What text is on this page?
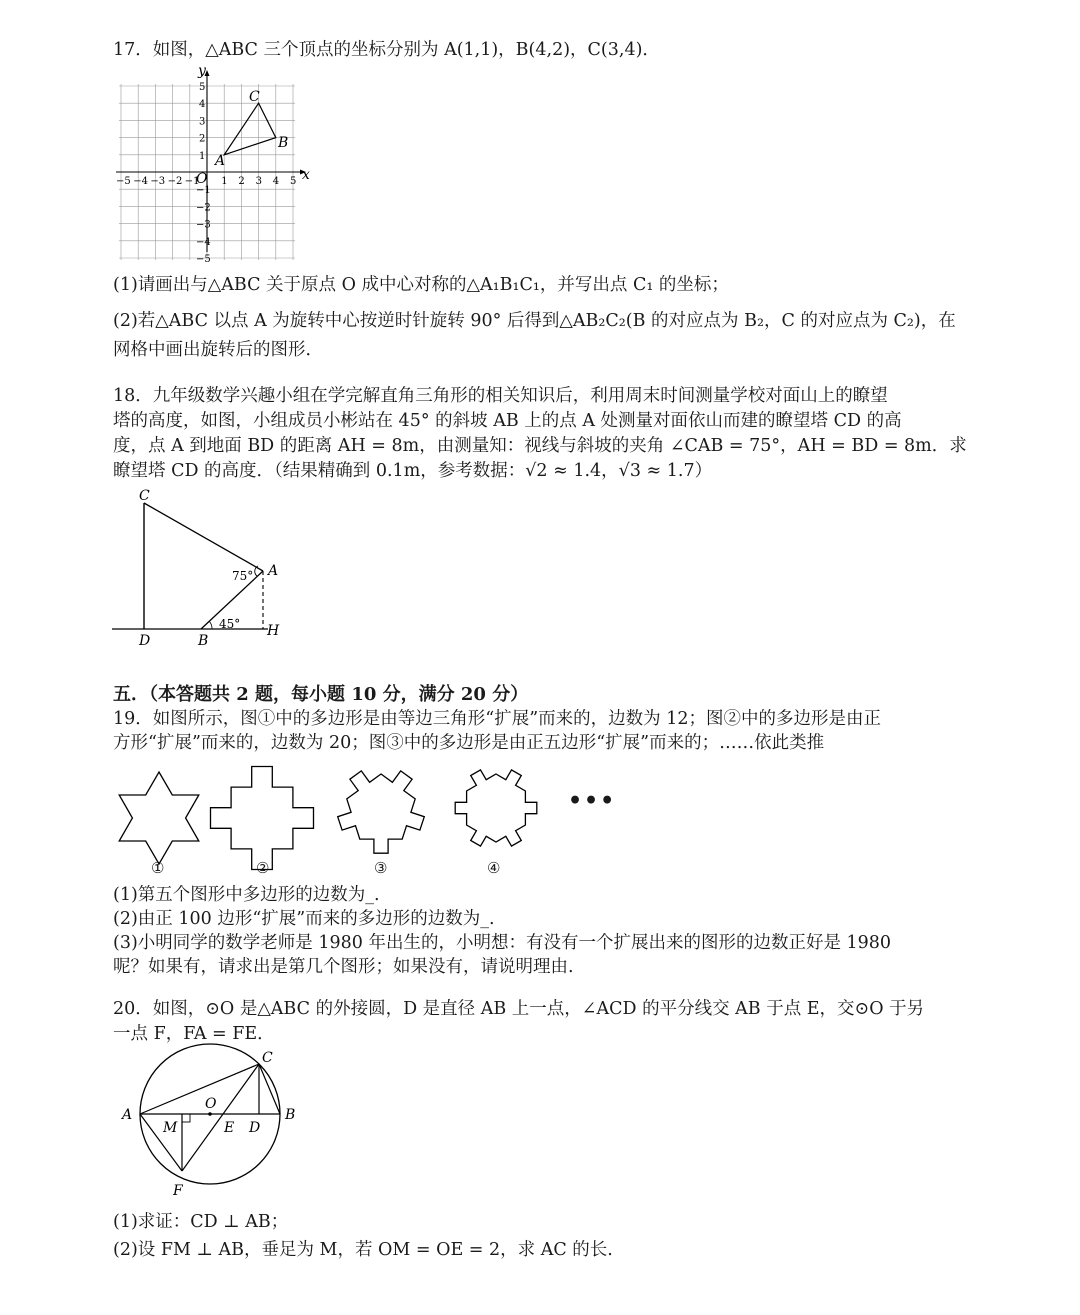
17．如图，△ABC 三个顶点的坐标分别为 A(1,1)，B(4,2)，C(3,4)．
x
y
O
−5 −4 −3 −2 −1 1 2 3 4 5
5
4
3
2
1
−1
−2
−3
−4
−5
A
B
C
(1)请画出与△ABC 关于原点 O 成中心对称的△A₁B₁C₁，并写出点 C₁ 的坐标；
(2)若△ABC 以点 A 为旋转中心按逆时针旋转 90° 后得到△AB₂C₂(B 的对应点为 B₂，C 的对应点为 C₂)，在
网格中画出旋转后的图形．
18．九年级数学兴趣小组在学完解直角三角形的相关知识后，利用周末时间测量学校对面山上的瞭望
塔的高度，如图，小组成员小彬站在 45° 的斜坡 AB 上的点 A 处测量对面依山而建的瞭望塔 CD 的高
度，点 A 到地面 BD 的距离 AH = 8m，由测量知：视线与斜坡的夹角 ∠CAB = 75°，AH = BD = 8m．求
瞭望塔 CD 的高度．（结果精确到 0.1m，参考数据：√2 ≈ 1.4，√3 ≈ 1.7）
C
D	B
A
H
75°
45°
五．（本答题共 2 题，每小题 10 分，满分 20 分）
19．如图所示，图①中的多边形是由等边三角形“扩展”而来的，边数为 12；图②中的多边形是由正
方形“扩展”而来的，边数为 20；图③中的多边形是由正五边形“扩展”而来的；……依此类推
•••
①	②	③	④
(1)第五个图形中多边形的边数为_.
(2)由正 100 边形“扩展”而来的多边形的边数为_.
(3)小明同学的数学老师是 1980 年出生的，小明想：有没有一个扩展出来的图形的边数正好是 1980
呢？如果有，请求出是第几个图形；如果没有，请说明理由.
20．如图，⊙O 是△ABC 的外接圆，D 是直径 AB 上一点，∠ACD 的平分线交 AB 于点 E，交⊙O 于另
一点 F，FA = FE．
C
A	B
O
M	E D
F
(1)求证：CD ⊥ AB；
(2)设 FM ⊥ AB，垂足为 M，若 OM = OE = 2，求 AC 的长.
